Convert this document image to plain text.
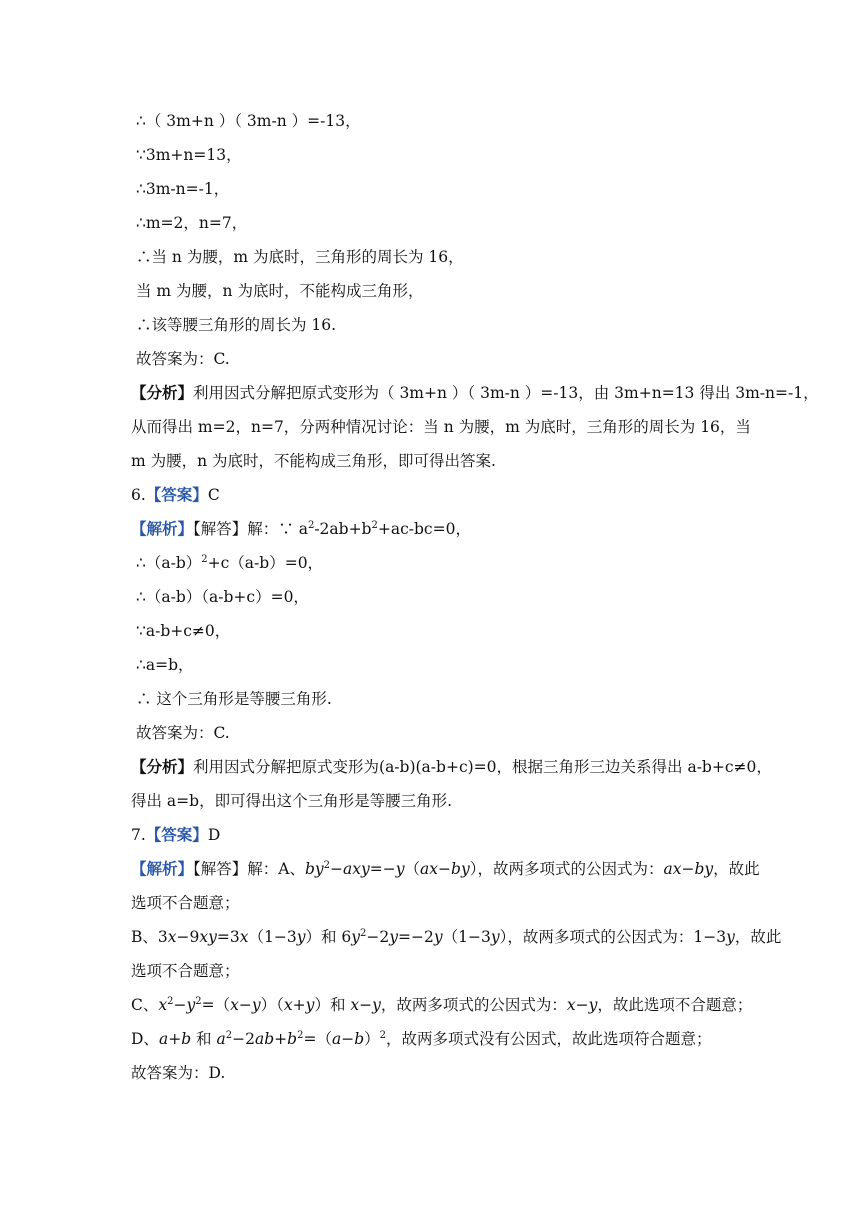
∴（ 3m+n ）（ 3m-n ）=-13，
∵3m+n=13，
∴3m-n=-1，
∴m=2，n=7，
∴当 n 为腰，m 为底时，三角形的周长为 16，
当 m 为腰，n 为底时，不能构成三角形，
∴该等腰三角形的周长为 16.
故答案为：C.
【分析】利用因式分解把原式变形为（ 3m+n ）（ 3m-n ）=-13，由 3m+n=13 得出 3m-n=-1，
从而得出 m=2，n=7，分两种情况讨论：当 n 为腰，m 为底时，三角形的周长为 16，当
m 为腰，n 为底时，不能构成三角形，即可得出答案.
6.【答案】C
【解析】【解答】解：∵ $a^2-2ab+b^2+ac-bc=0$，
$\therefore(a-b)^2+c(a-b)=0$，
∴（a-b）（a-b+c）=0，
∵a-b+c≠0，
∴a=b，
∴ 这个三角形是等腰三角形.
故答案为：C.
【分析】利用因式分解把原式变形为(a-b)(a-b+c)=0，根据三角形三边关系得出 a-b+c≠0，
得出 a=b，即可得出这个三角形是等腰三角形.
7.【答案】D
【解析】【解答】解：A、$by^2-axy=-y(ax-by)$，故两多项式的公因式为：ax−by，故此
选项不合题意；
B、3x−9xy=3x（1−3y）和 $6y^2-2y=-2y(1-3y)$，故两多项式的公因式为：1−3y，故此
选项不合题意；
C、$x^2-y^2=(x-y)(x+y)$和 x−y，故两多项式的公因式为：x−y，故此选项不合题意；
D、a+b 和 $a^2-2ab+b^2=(a-b)^2$，故两多项式没有公因式，故此选项符合题意；
故答案为：D.
